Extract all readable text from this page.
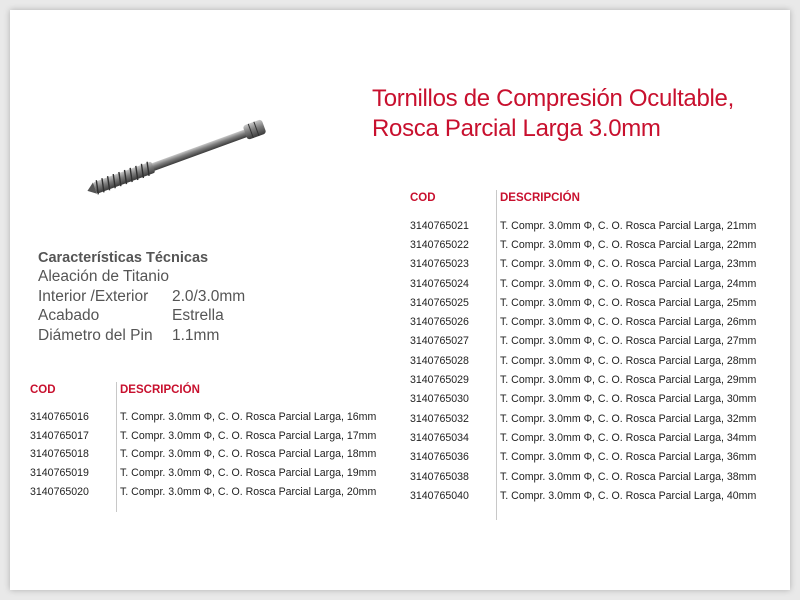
Tornillos de Compresión Ocultable,
Rosca Parcial Larga 3.0mm
Características Técnicas
Aleación de Titanio
Interior /Exterior	2.0/3.0mm
Acabado	Estrella
Diámetro del Pin	1.1mm
COD	DESCRIPCIÓN
3140765016	T. Compr. 3.0mm Φ, C. O. Rosca Parcial Larga, 16mm
3140765017	T. Compr. 3.0mm Φ, C. O. Rosca Parcial Larga, 17mm
3140765018	T. Compr. 3.0mm Φ, C. O. Rosca Parcial Larga, 18mm
3140765019	T. Compr. 3.0mm Φ, C. O. Rosca Parcial Larga, 19mm
3140765020	T. Compr. 3.0mm Φ, C. O. Rosca Parcial Larga, 20mm
COD	DESCRIPCIÓN
3140765021	T. Compr. 3.0mm Φ, C. O. Rosca Parcial Larga, 21mm
3140765022	T. Compr. 3.0mm Φ, C. O. Rosca Parcial Larga, 22mm
3140765023	T. Compr. 3.0mm Φ, C. O. Rosca Parcial Larga, 23mm
3140765024	T. Compr. 3.0mm Φ, C. O. Rosca Parcial Larga, 24mm
3140765025	T. Compr. 3.0mm Φ, C. O. Rosca Parcial Larga, 25mm
3140765026	T. Compr. 3.0mm Φ, C. O. Rosca Parcial Larga, 26mm
3140765027	T. Compr. 3.0mm Φ, C. O. Rosca Parcial Larga, 27mm
3140765028	T. Compr. 3.0mm Φ, C. O. Rosca Parcial Larga, 28mm
3140765029	T. Compr. 3.0mm Φ, C. O. Rosca Parcial Larga, 29mm
3140765030	T. Compr. 3.0mm Φ, C. O. Rosca Parcial Larga, 30mm
3140765032	T. Compr. 3.0mm Φ, C. O. Rosca Parcial Larga, 32mm
3140765034	T. Compr. 3.0mm Φ, C. O. Rosca Parcial Larga, 34mm
3140765036	T. Compr. 3.0mm Φ, C. O. Rosca Parcial Larga, 36mm
3140765038	T. Compr. 3.0mm Φ, C. O. Rosca Parcial Larga, 38mm
3140765040	T. Compr. 3.0mm Φ, C. O. Rosca Parcial Larga, 40mm
